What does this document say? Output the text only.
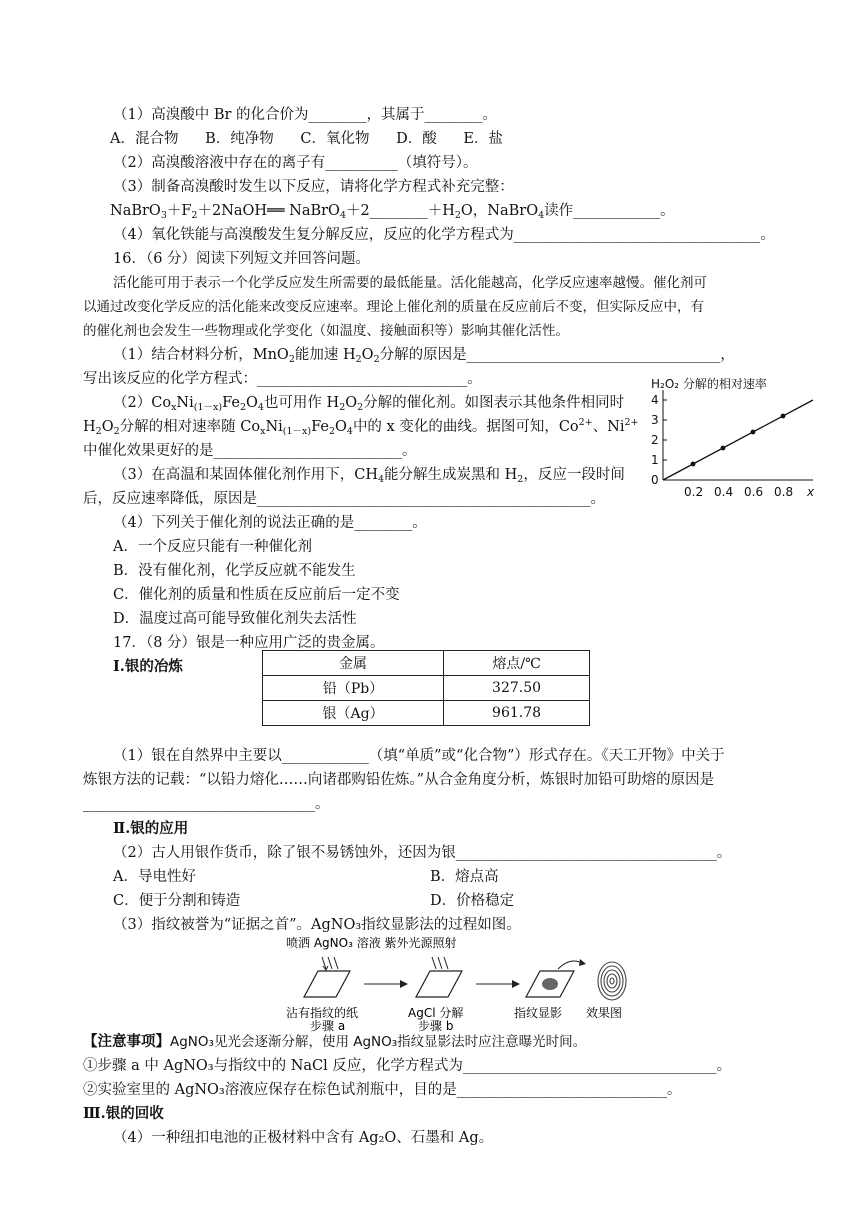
（1）高溴酸中 Br 的化合价为________，其属于________。
A．混合物 B．纯净物 C．氧化物 D．酸 E．盐
（2）高溴酸溶液中存在的离子有__________（填符号）。
（3）制备高溴酸时发生以下反应，请将化学方程式补充完整：
$NaBrO_3+F_2+2NaOH══$ $NaBrO_4+2\_\_\_\_\_\_\_\_+H_2O$，NaBrO$_4$读作____________。
（4）氧化铁能与高溴酸发生复分解反应，反应的化学方程式为__________________________________。
16．（6 分）阅读下列短文并回答问题。
活化能可用于表示一个化学反应发生所需要的最低能量。活化能越高，化学反应速率越慢。催化剂可
以通过改变化学反应的活化能来改变反应速率。理论上催化剂的质量在反应前后不变，但实际反应中，有
的催化剂也会发生一些物理或化学变化（如温度、接触面积等）影响其催化活性。
（1）结合材料分析，MnO$_2$能加速 $H_2O_2$分解的原因是___________________________________，
写出该反应的化学方程式：_____________________________。
$(2)Co_xNi_{(1-x)}Fe_2O_4$也可用作 $H_2O_2$分解的催化剂。如图表示其他条件相同时
$H_2O_2$分解的相对速率随 $Co_xNi_{(1-x)}Fe_2O_4$中的 x 变化的曲线。据图可知，$Co^{2+}$、$Ni^{2+}$
中催化效果更好的是__________________________。
（3）在高温和某固体催化剂作用下，$CH_4$能分解生成炭黑和 $H_2$，反应一段时间
后，反应速率降低，原因是______________________________________________。
（4）下列关于催化剂的说法正确的是________。
A．一个反应只能有一种催化剂
B．没有催化剂，化学反应就不能发生
C．催化剂的质量和性质在反应前后一定不变
D．温度过高可能导致催化剂失去活性
H₂O₂ 分解的相对速率
0
1
2
3
4
0.2 0.4 0.6 0.8 x
17．（8 分）银是一种应用广泛的贵金属。
Ⅰ.银的冶炼	金属	熔点/℃
铅（Pb）	327.50
银（Ag）	961.78
（1）银在自然界中主要以____________（填“单质”或“化合物”）形式存在。《天工开物》中关于
炼银方法的记载：“以铅力熔化……向诸郡购铅佐炼。”从合金角度分析，炼银时加铅可助熔的原因是
________________________________。
Ⅱ.银的应用
（2）古人用银作货币，除了银不易锈蚀外，还因为银____________________________________。
A．导电性好	B．熔点高
C．便于分割和铸造	D．价格稳定
（3）指纹被誉为“证据之首”。AgNO₃指纹显影法的过程如图。
喷洒 AgNO₃ 溶液 紫外光源照射
沾有指纹的纸
步骤 a
AgCl 分解
步骤 b
指纹显影 效果图
【注意事项】AgNO₃见光会逐渐分解，使用 AgNO₃指纹显影法时应注意曝光时间。
①步骤 a 中 AgNO₃与指纹中的 NaCl 反应，化学方程式为___________________________________。
②实验室里的 AgNO₃溶液应保存在棕色试剂瓶中，目的是_____________________________。
Ⅲ.银的回收
（4）一种纽扣电池的正极材料中含有 Ag₂O、石墨和 Ag。
